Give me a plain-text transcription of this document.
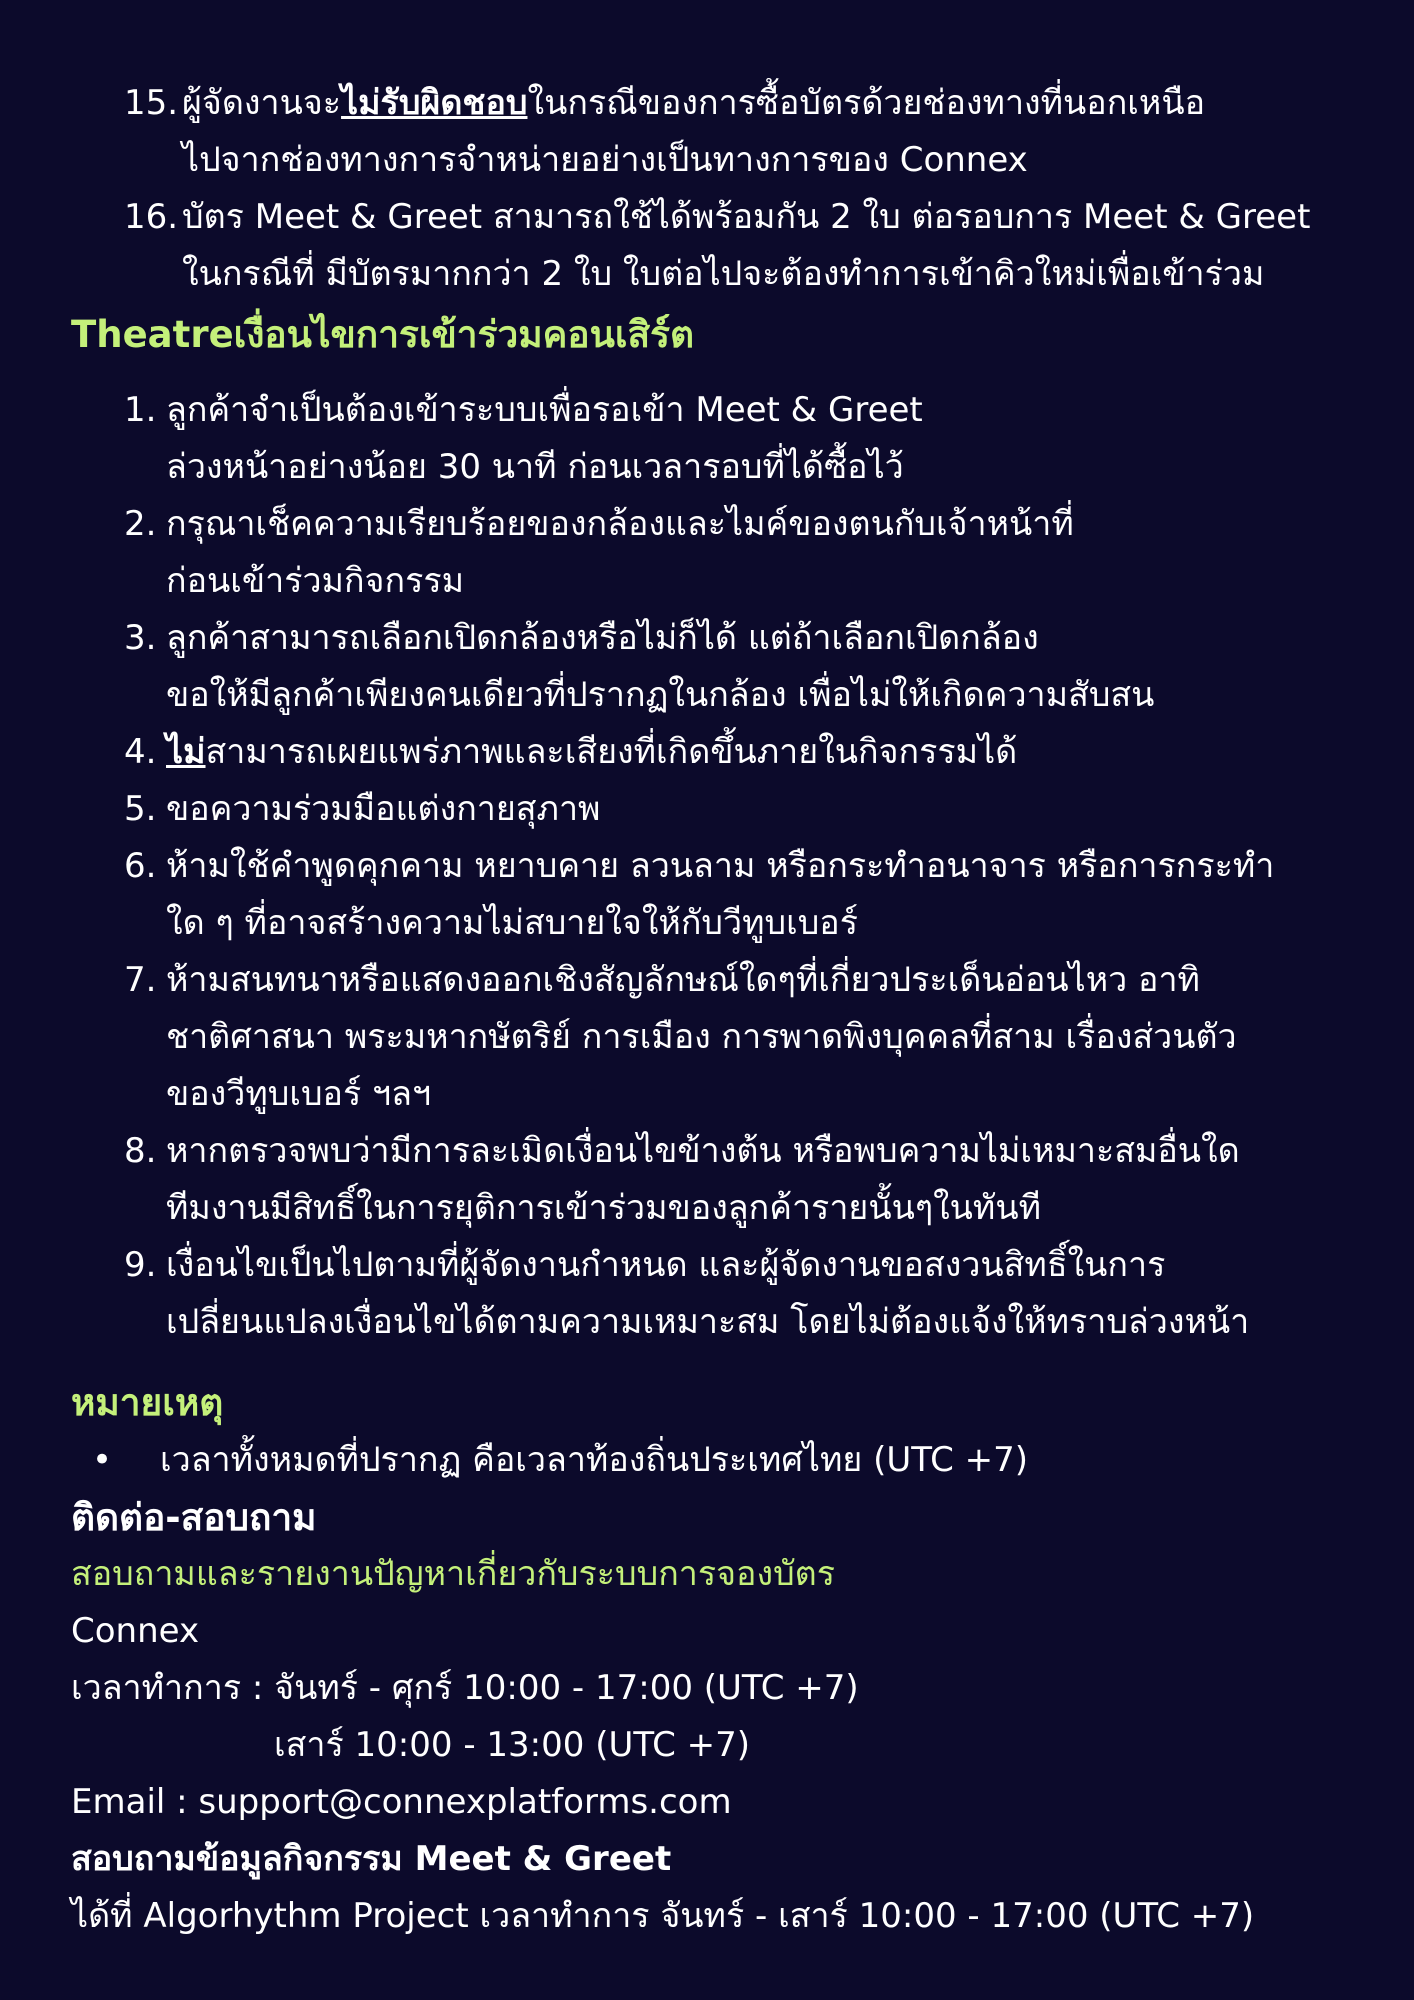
15. ผู้จัดงานจะไม่รับผิดชอบในกรณีของการซื้อบัตรด้วยช่องทางที่นอกเหนือ
ไปจากช่องทางการจำหน่ายอย่างเป็นทางการของ Connex
16. บัตร Meet & Greet สามารถใช้ได้พร้อมกัน 2 ใบ ต่อรอบการ Meet & Greet
ในกรณีที่ มีบัตรมากกว่า 2 ใบ ใบต่อไปจะต้องทำการเข้าคิวใหม่เพื่อเข้าร่วม
Theatreเงื่อนไขการเข้าร่วมคอนเสิร์ต
1. ลูกค้าจำเป็นต้องเข้าระบบเพื่อรอเข้า Meet & Greet
ล่วงหน้าอย่างน้อย 30 นาที ก่อนเวลารอบที่ได้ซื้อไว้
2. กรุณาเช็คความเรียบร้อยของกล้องและไมค์ของตนกับเจ้าหน้าที่
ก่อนเข้าร่วมกิจกรรม
3. ลูกค้าสามารถเลือกเปิดกล้องหรือไม่ก็ได้ แต่ถ้าเลือกเปิดกล้อง
ขอให้มีลูกค้าเพียงคนเดียวที่ปรากฏในกล้อง เพื่อไม่ให้เกิดความสับสน
4. ไม่สามารถเผยแพร่ภาพและเสียงที่เกิดขึ้นภายในกิจกรรมได้
5. ขอความร่วมมือแต่งกายสุภาพ
6. ห้ามใช้คำพูดคุกคาม หยาบคาย ลวนลาม หรือกระทำอนาจาร หรือการกระทำ
ใด ๆ ที่อาจสร้างความไม่สบายใจให้กับวีทูบเบอร์
7. ห้ามสนทนาหรือแสดงออกเชิงสัญลักษณ์ใดๆที่เกี่ยวประเด็นอ่อนไหว อาทิ
ชาติศาสนา พระมหากษัตริย์ การเมือง การพาดพิงบุคคลที่สาม เรื่องส่วนตัว
ของวีทูบเบอร์ ฯลฯ
8. หากตรวจพบว่ามีการละเมิดเงื่อนไขข้างต้น หรือพบความไม่เหมาะสมอื่นใด
ทีมงานมีสิทธิ์ในการยุติการเข้าร่วมของลูกค้ารายนั้นๆในทันที
9. เงื่อนไขเป็นไปตามที่ผู้จัดงานกำหนด และผู้จัดงานขอสงวนสิทธิ์ในการ
เปลี่ยนแปลงเงื่อนไขได้ตามความเหมาะสม โดยไม่ต้องแจ้งให้ทราบล่วงหน้า
หมายเหตุ
• เวลาทั้งหมดที่ปรากฏ คือเวลาท้องถิ่นประเทศไทย (UTC +7)
ติดต่อ-สอบถาม
สอบถามและรายงานปัญหาเกี่ยวกับระบบการจองบัตร
Connex
เวลาทำการ : จันทร์ - ศุกร์ 10:00 - 17:00 (UTC +7)
เสาร์ 10:00 - 13:00 (UTC +7)
Email : support@connexplatforms.com
สอบถามข้อมูลกิจกรรม Meet & Greet
ได้ที่ Algorhythm Project เวลาทำการ จันทร์ - เสาร์ 10:00 - 17:00 (UTC +7)
